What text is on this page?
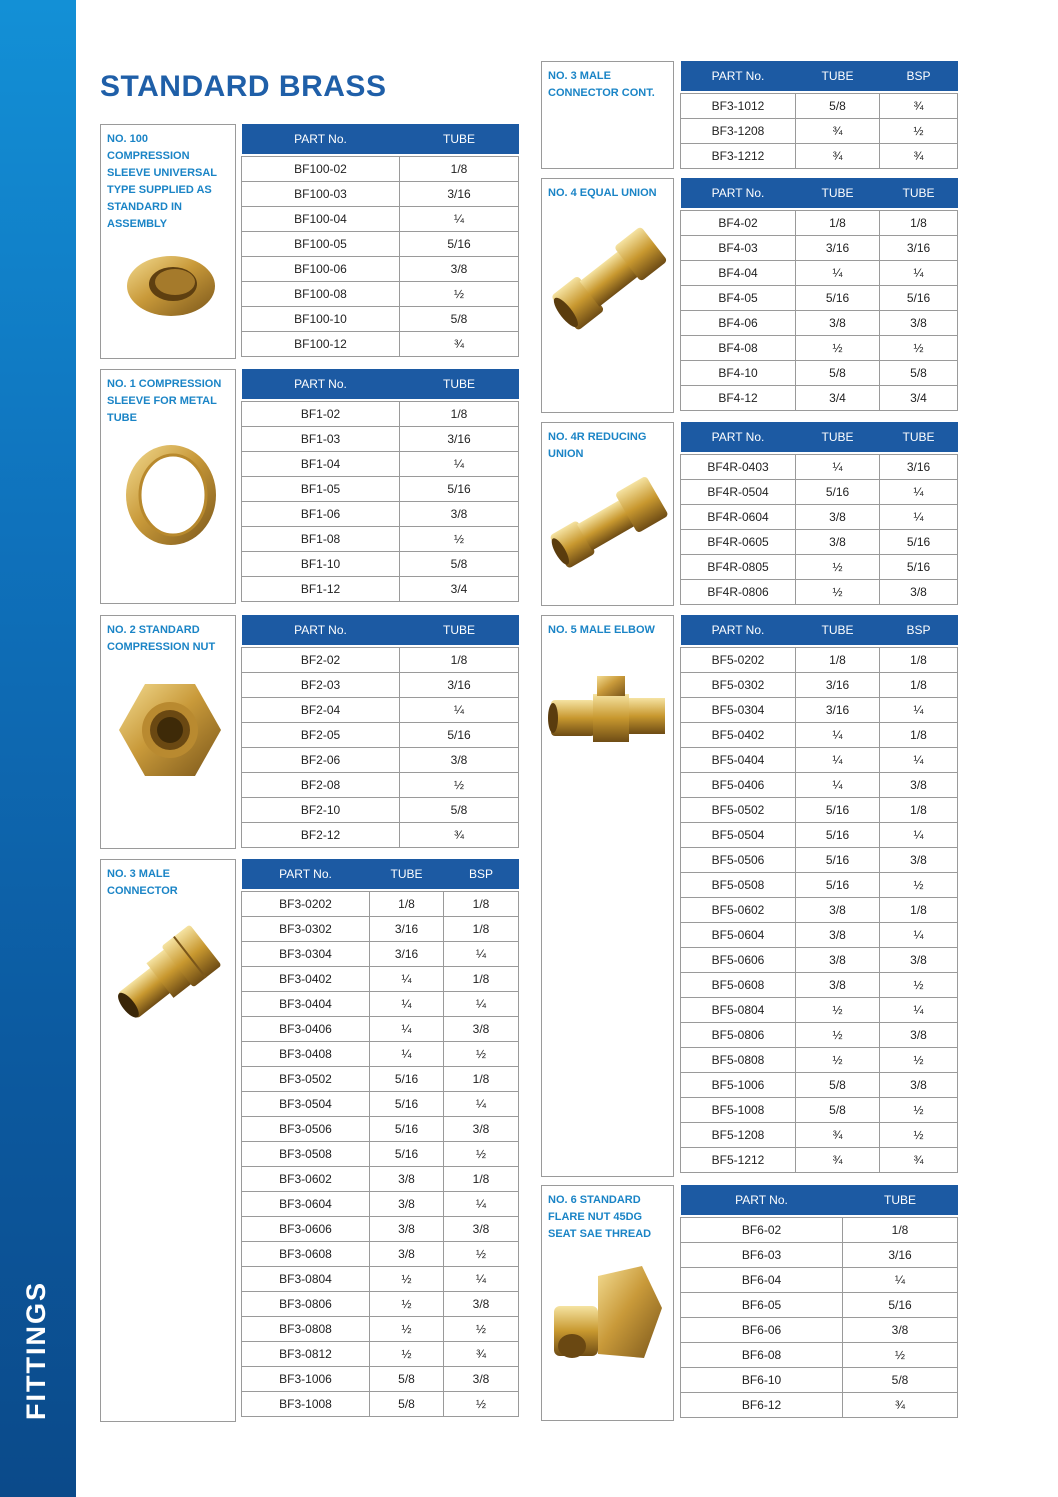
FITTINGS
STANDARD BRASS
NO. 100 COMPRESSION SLEEVE UNIVERSAL TYPE SUPPLIED AS STANDARD IN ASSEMBLY
PART No.	TUBE

BF100-02	1/8
BF100-03	3/16
BF100-04	¼
BF100-05	5/16
BF100-06	3/8
BF100-08	½
BF100-10	5/8
BF100-12	¾
NO. 1 COMPRESSION SLEEVE FOR METAL TUBE
PART No.	TUBE

BF1-02	1/8
BF1-03	3/16
BF1-04	¼
BF1-05	5/16
BF1-06	3/8
BF1-08	½
BF1-10	5/8
BF1-12	3/4
NO. 2 STANDARD COMPRESSION NUT
PART No.	TUBE

BF2-02	1/8
BF2-03	3/16
BF2-04	¼
BF2-05	5/16
BF2-06	3/8
BF2-08	½
BF2-10	5/8
BF2-12	¾
NO. 3 MALE CONNECTOR
PART No.	TUBE	BSP

BF3-0202	1/8	1/8
BF3-0302	3/16	1/8
BF3-0304	3/16	¼
BF3-0402	¼	1/8
BF3-0404	¼	¼
BF3-0406	¼	3/8
BF3-0408	¼	½
BF3-0502	5/16	1/8
BF3-0504	5/16	¼
BF3-0506	5/16	3/8
BF3-0508	5/16	½
BF3-0602	3/8	1/8
BF3-0604	3/8	¼
BF3-0606	3/8	3/8
BF3-0608	3/8	½
BF3-0804	½	¼
BF3-0806	½	3/8
BF3-0808	½	½
BF3-0812	½	¾
BF3-1006	5/8	3/8
BF3-1008	5/8	½
NO. 3 MALE CONNECTOR CONT.
PART No.	TUBE	BSP

BF3-1012	5/8	¾
BF3-1208	¾	½
BF3-1212	¾	¾
NO. 4 EQUAL UNION	PART No.	TUBE	TUBE

BF4-02	1/8	1/8
BF4-03	3/16	3/16
BF4-04	¼	¼
BF4-05	5/16	5/16
BF4-06	3/8	3/8
BF4-08	½	½
BF4-10	5/8	5/8
BF4-12	3/4	3/4
NO. 4R REDUCING UNION
PART No.	TUBE	TUBE

BF4R-0403	¼	3/16
BF4R-0504	5/16	¼
BF4R-0604	3/8	¼
BF4R-0605	3/8	5/16
BF4R-0805	½	5/16
BF4R-0806	½	3/8
NO. 5 MALE ELBOW	PART No.	TUBE	BSP

BF5-0202	1/8	1/8
BF5-0302	3/16	1/8
BF5-0304	3/16	¼
BF5-0402	¼	1/8
BF5-0404	¼	¼
BF5-0406	¼	3/8
BF5-0502	5/16	1/8
BF5-0504	5/16	¼
BF5-0506	5/16	3/8
BF5-0508	5/16	½
BF5-0602	3/8	1/8
BF5-0604	3/8	¼
BF5-0606	3/8	3/8
BF5-0608	3/8	½
BF5-0804	½	¼
BF5-0806	½	3/8
BF5-0808	½	½
BF5-1006	5/8	3/8
BF5-1008	5/8	½
BF5-1208	¾	½
BF5-1212	¾	¾
NO. 6 STANDARD FLARE NUT 45DG SEAT SAE THREAD
PART No.	TUBE

BF6-02	1/8
BF6-03	3/16
BF6-04	¼
BF6-05	5/16
BF6-06	3/8
BF6-08	½
BF6-10	5/8
BF6-12	¾
